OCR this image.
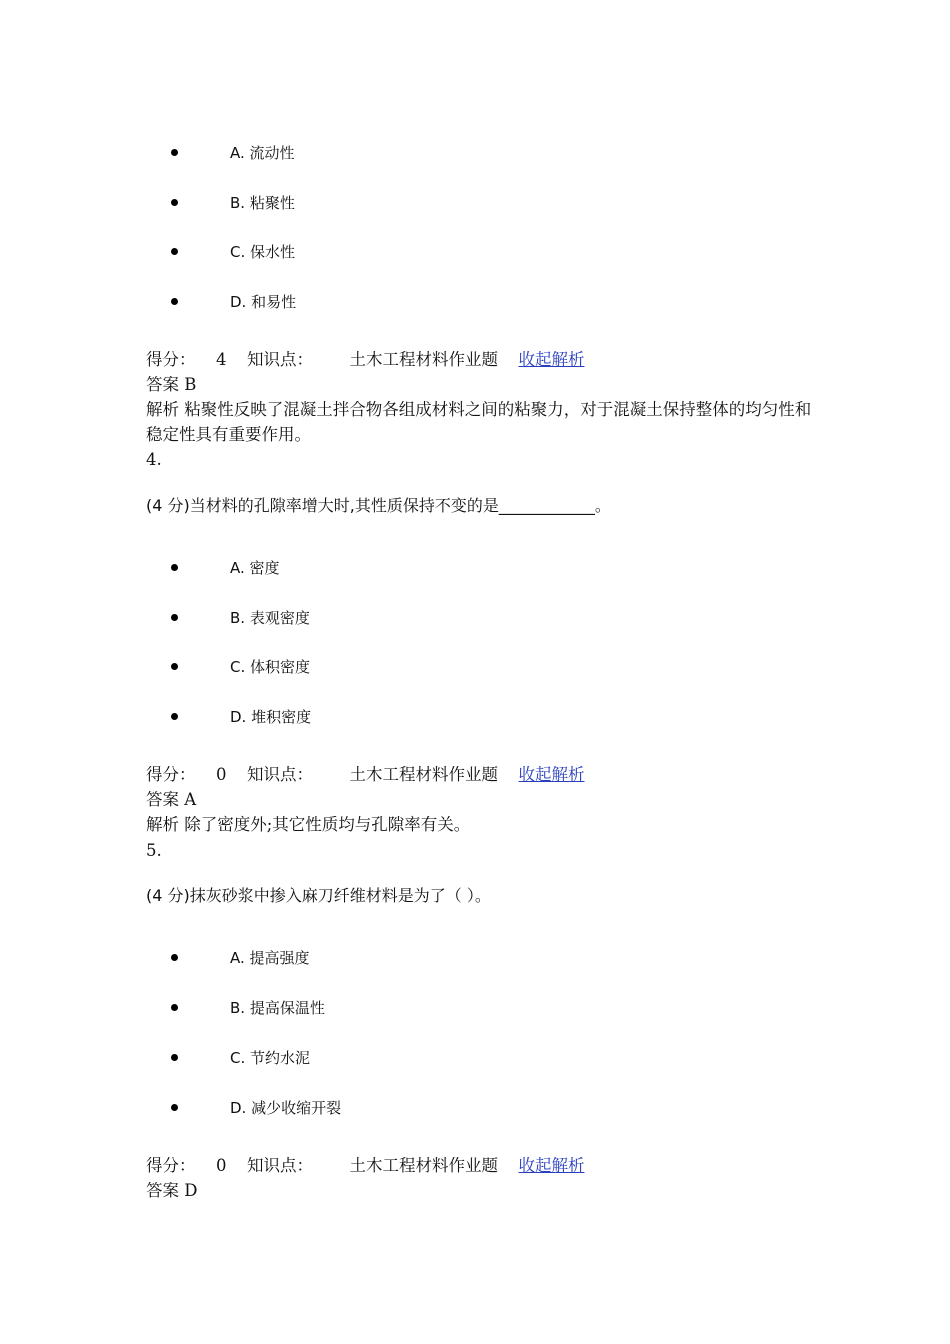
A. 流动性
B. 粘聚性
C. 保水性
D. 和易性
得分： 4 知识点： 土木工程材料作业题 收起解析
答案 B
解析 粘聚性反映了混凝土拌合物各组成材料之间的粘聚力，对于混凝土保持整体的均匀性和稳定性具有重要作用。
4.
(4 分)当材料的孔隙率增大时,其性质保持不变的是____________。
A. 密度
B. 表观密度
C. 体积密度
D. 堆积密度
得分： 0 知识点： 土木工程材料作业题 收起解析
答案 A
解析 除了密度外;其它性质均与孔隙率有关。
5.
(4 分)抹灰砂浆中掺入麻刀纤维材料是为了（ ）。
A. 提高强度
B. 提高保温性
C. 节约水泥
D. 减少收缩开裂
得分： 0 知识点： 土木工程材料作业题 收起解析
答案 D
